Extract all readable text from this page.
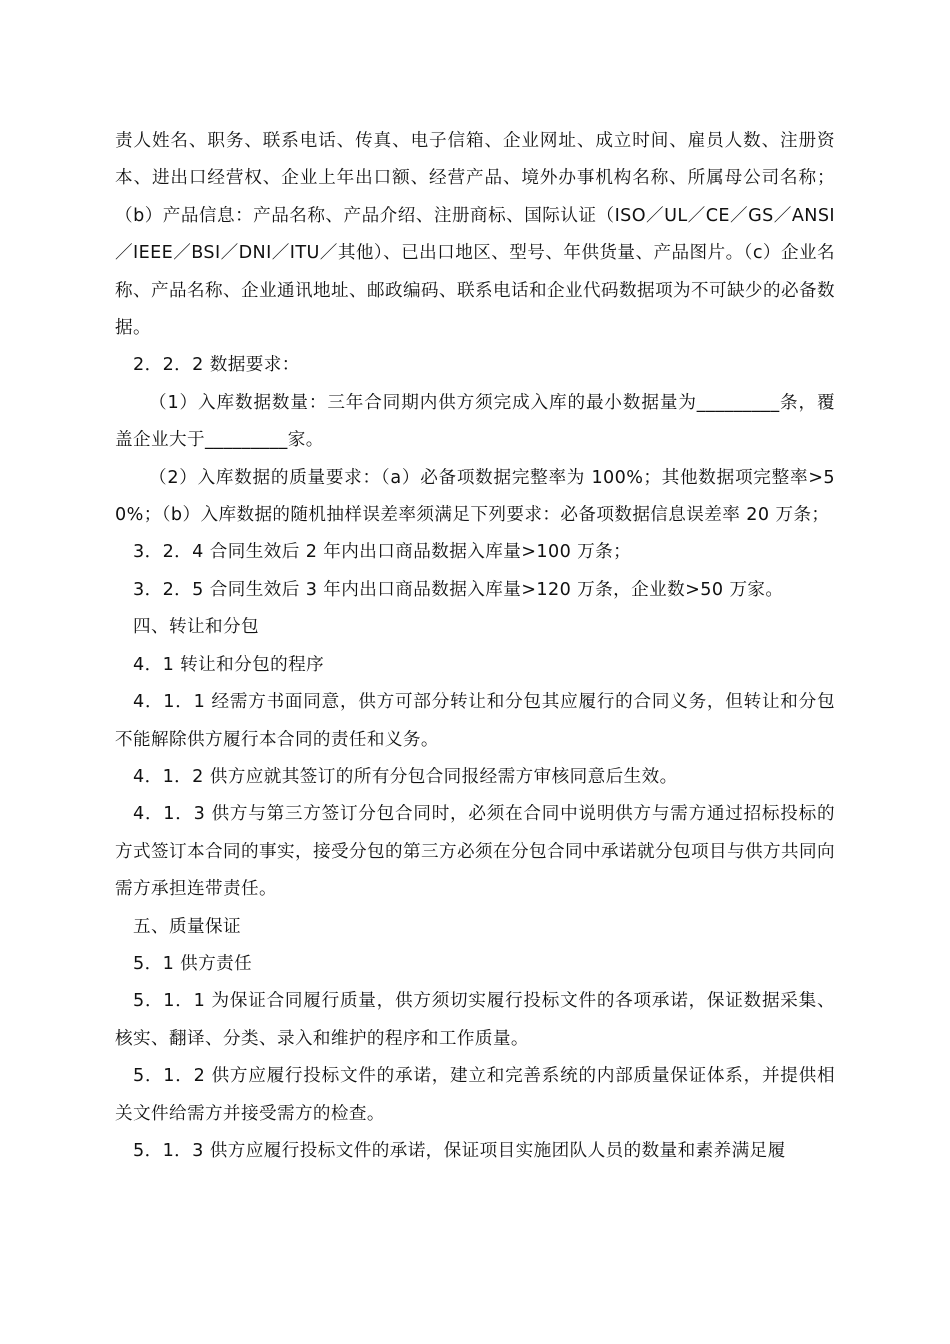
责人姓名、职务、联系电话、传真、电子信箱、企业网址、成立时间、雇员人数、注册资本、进出口经营权、企业上年出口额、经营产品、境外办事机构名称、所属母公司名称；（b）产品信息：产品名称、产品介绍、注册商标、国际认证（ISO／UL／CE／GS／ANSI／IEEE／BSI／DNI／ITU／其他）、已出口地区、型号、年供货量、产品图片。（c）企业名称、产品名称、企业通讯地址、邮政编码、联系电话和企业代码数据项为不可缺少的必备数据。

2．2．2 数据要求：

（1）入库数据数量：三年合同期内供方须完成入库的最小数据量为_________条，覆盖企业大于_________家。

（2）入库数据的质量要求：（a）必备项数据完整率为 100%；其他数据项完整率>50%；（b）入库数据的随机抽样误差率须满足下列要求：必备项数据信息误差率 20 万条；

3．2．4 合同生效后 2 年内出口商品数据入库量>100 万条；

3．2．5 合同生效后 3 年内出口商品数据入库量>120 万条，企业数>50 万家。

四、转让和分包

4．1 转让和分包的程序

4．1．1 经需方书面同意，供方可部分转让和分包其应履行的合同义务，但转让和分包不能解除供方履行本合同的责任和义务。

4．1．2 供方应就其签订的所有分包合同报经需方审核同意后生效。

4．1．3 供方与第三方签订分包合同时，必须在合同中说明供方与需方通过招标投标的方式签订本合同的事实，接受分包的第三方必须在分包合同中承诺就分包项目与供方共同向需方承担连带责任。

五、质量保证

5．1 供方责任

5．1．1 为保证合同履行质量，供方须切实履行投标文件的各项承诺，保证数据采集、核实、翻译、分类、录入和维护的程序和工作质量。

5．1．2 供方应履行投标文件的承诺，建立和完善系统的内部质量保证体系，并提供相关文件给需方并接受需方的检查。

5．1．3 供方应履行投标文件的承诺，保证项目实施团队人员的数量和素养满足履
